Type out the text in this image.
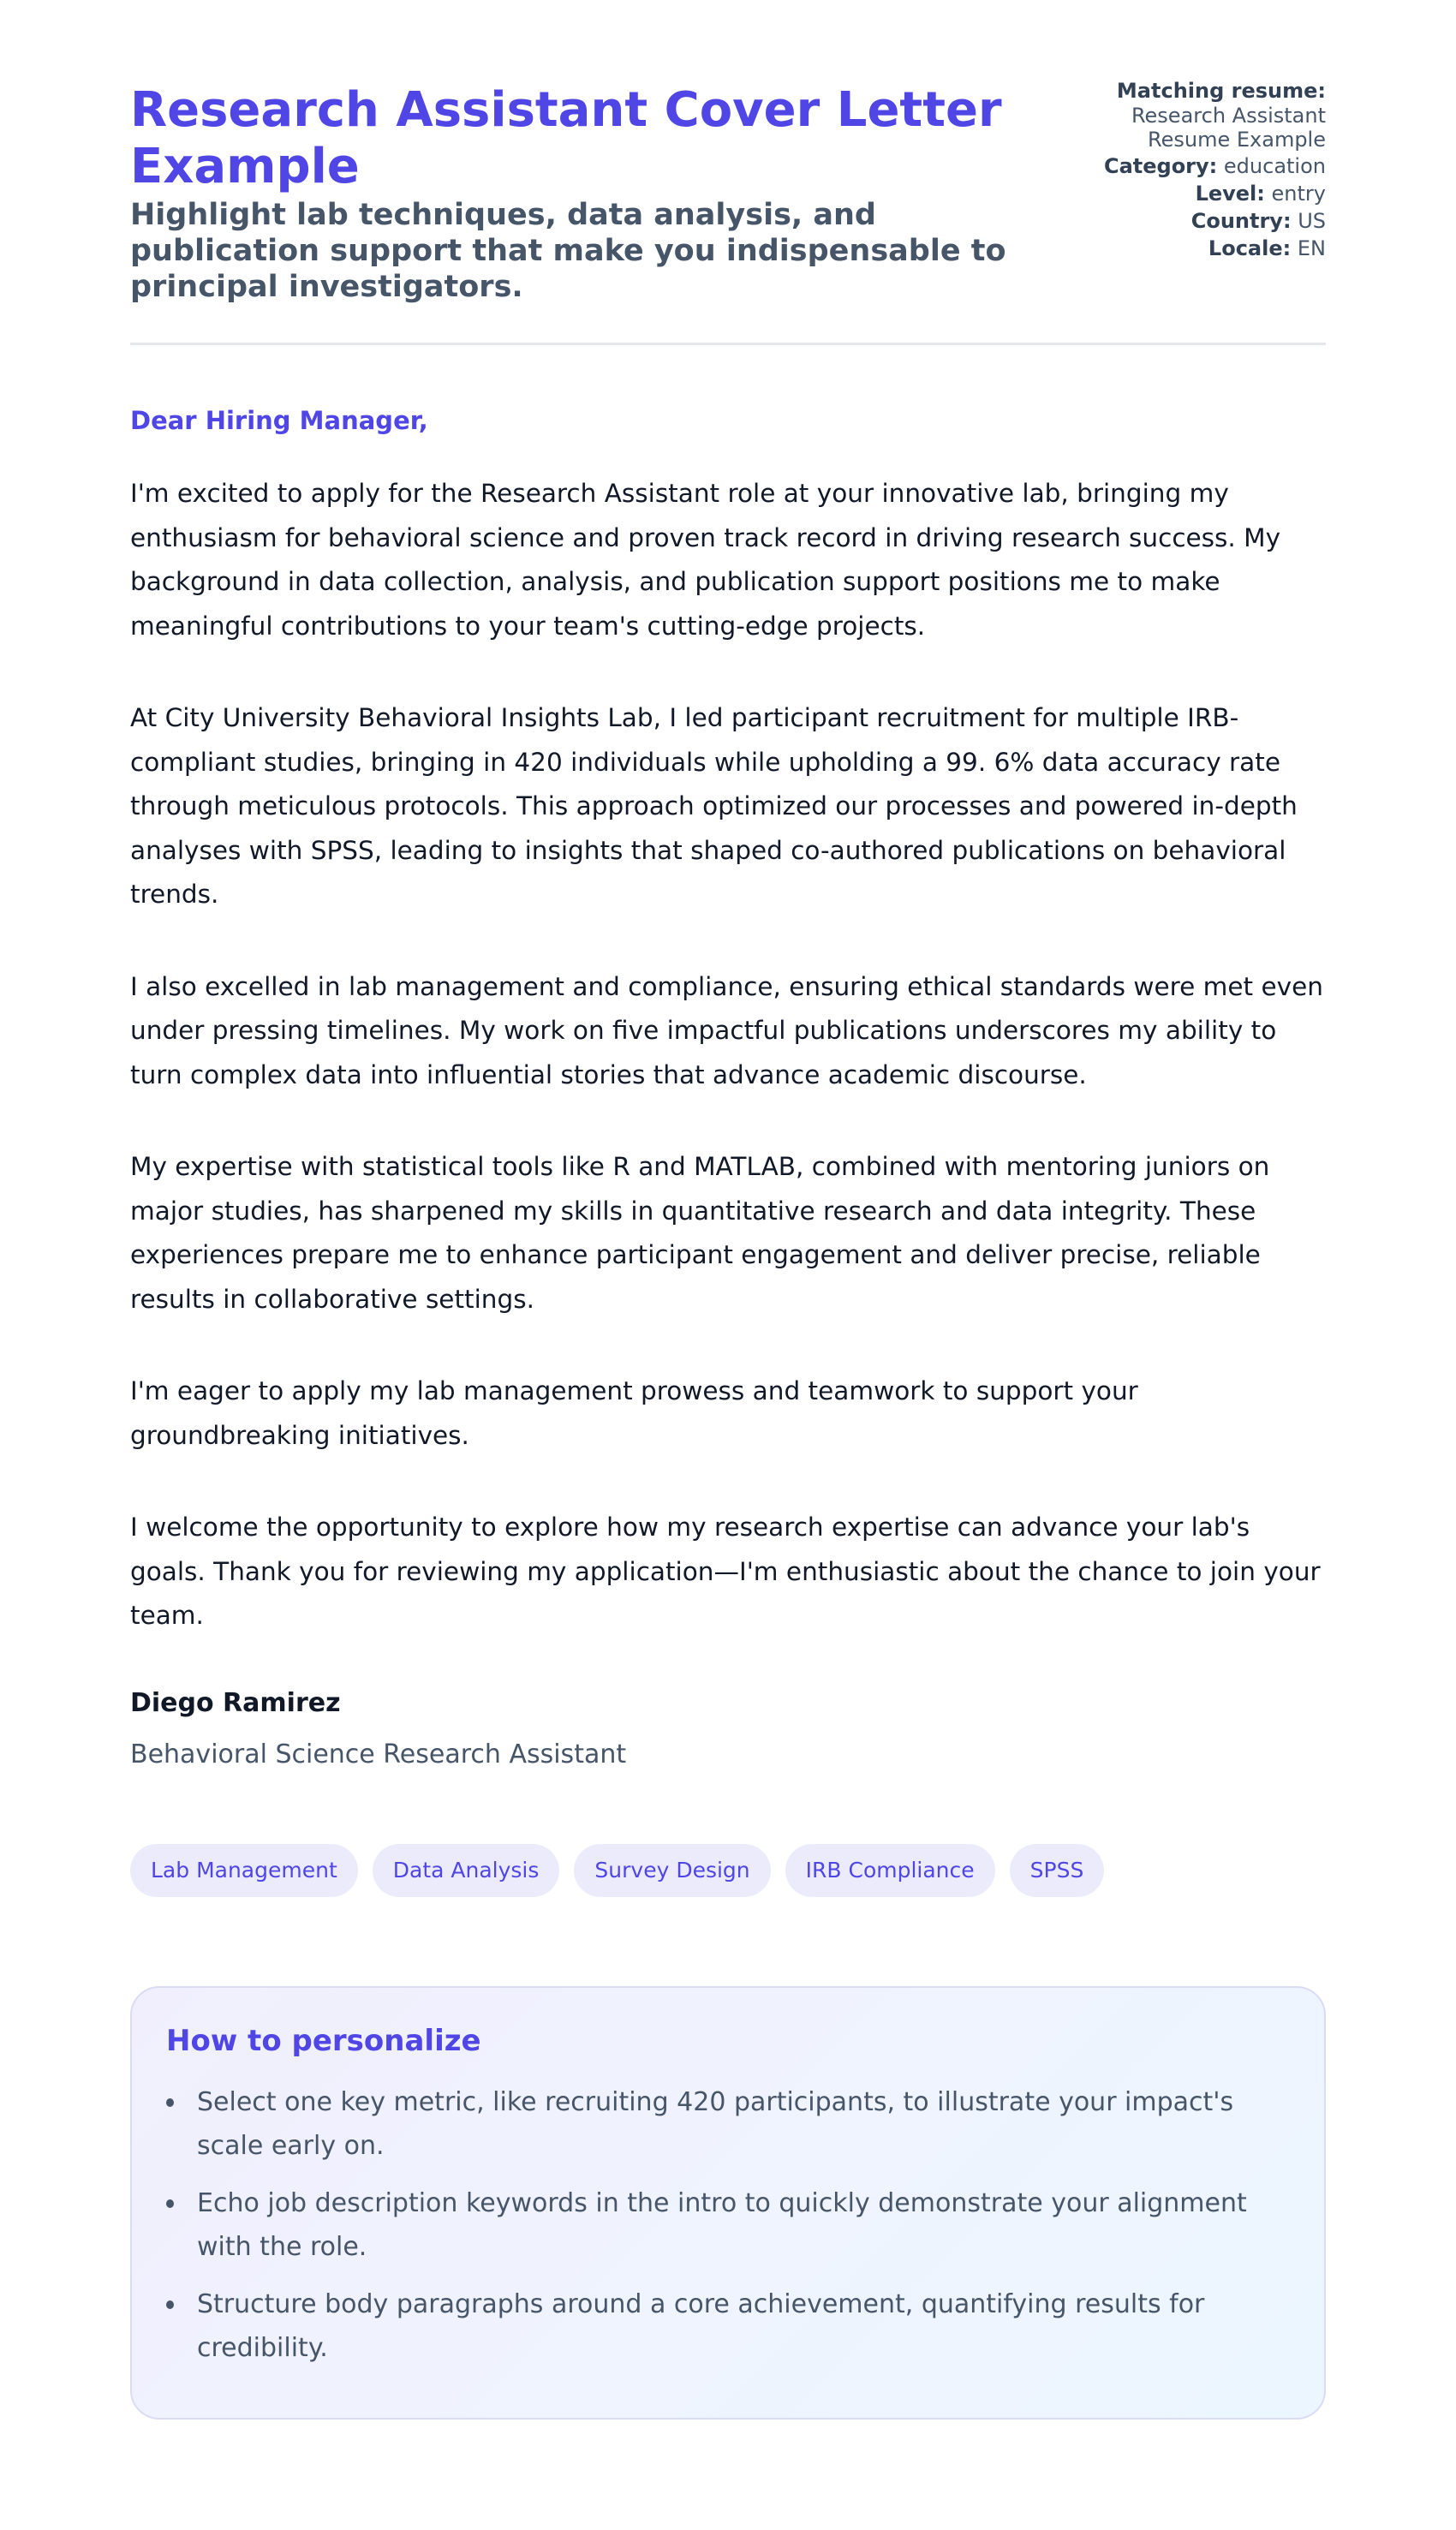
Research Assistant Cover Letter Example
Highlight lab techniques, data analysis, and publication support that make you indispensable to principal investigators.
Matching resume:
Research Assistant Resume Example
Category: education
Level: entry
Country: US
Locale: EN

Dear Hiring Manager,

I'm excited to apply for the Research Assistant role at your innovative lab, bringing my enthusiasm for behavioral science and proven track record in driving research success. My background in data collection, analysis, and publication support positions me to make meaningful contributions to your team's cutting-edge projects.

At City University Behavioral Insights Lab, I led participant recruitment for multiple IRB-compliant studies, bringing in 420 individuals while upholding a 99. 6% data accuracy rate through meticulous protocols. This approach optimized our processes and powered in-depth analyses with SPSS, leading to insights that shaped co-authored publications on behavioral trends.

I also excelled in lab management and compliance, ensuring ethical standards were met even under pressing timelines. My work on five impactful publications underscores my ability to turn complex data into influential stories that advance academic discourse.

My expertise with statistical tools like R and MATLAB, combined with mentoring juniors on major studies, has sharpened my skills in quantitative research and data integrity. These experiences prepare me to enhance participant engagement and deliver precise, reliable results in collaborative settings.

I'm eager to apply my lab management prowess and teamwork to support your groundbreaking initiatives.

I welcome the opportunity to explore how my research expertise can advance your lab's goals. Thank you for reviewing my application—I'm enthusiastic about the chance to join your team.

Diego Ramirez
Behavioral Science Research Assistant
Lab Management	Data Analysis	Survey Design	IRB Compliance	SPSS
How to personalize
Select one key metric, like recruiting 420 participants, to illustrate your impact's scale early on.
Echo job description keywords in the intro to quickly demonstrate your alignment with the role.
Structure body paragraphs around a core achievement, quantifying results for credibility.
